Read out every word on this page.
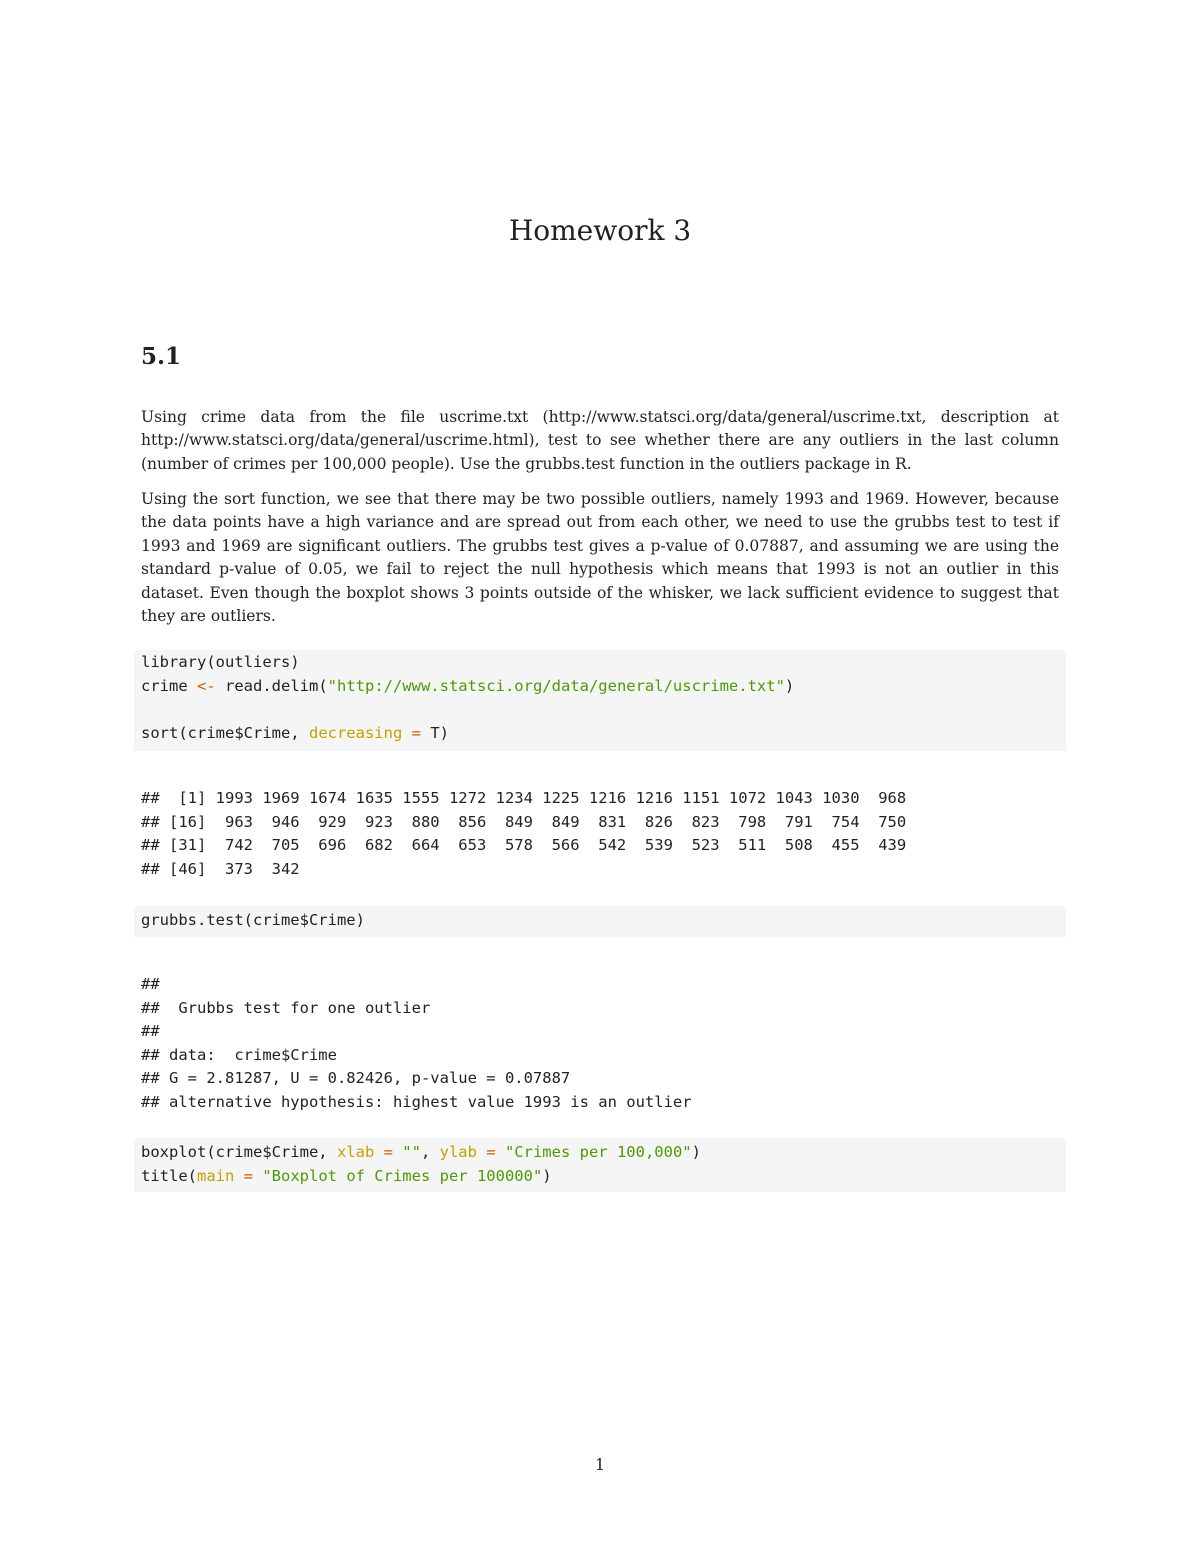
Homework 3
5.1

Using crime data from the file uscrime.txt (http://www.statsci.org/data/general/uscrime.txt, description at http://www.statsci.org/data/general/uscrime.html), test to see whether there are any outliers in the last column (number of crimes per 100,000 people). Use the grubbs.test function in the outliers package in R.

Using the sort function, we see that there may be two possible outliers, namely 1993 and 1969. However, because the data points have a high variance and are spread out from each other, we need to use the grubbs test to test if 1993 and 1969 are significant outliers. The grubbs test gives a p-value of 0.07887, and assuming we are using the standard p-value of 0.05, we fail to reject the null hypothesis which means that 1993 is not an outlier in this dataset. Even though the boxplot shows 3 points outside of the whisker, we lack sufficient evidence to suggest that they are outliers.

library(outliers)
crime <- read.delim("http://www.statsci.org/data/general/uscrime.txt")
sort(crime$Crime, decreasing = T)
##  [1] 1993 1969 1674 1635 1555 1272 1234 1225 1216 1216 1151 1072 1043 1030  968
## [16]  963  946  929  923  880  856  849  849  831  826  823  798  791  754  750
## [31]  742  705  696  682  664  653  578  566  542  539  523  511  508  455  439
## [46]  373  342
grubbs.test(crime$Crime)
##
##  Grubbs test for one outlier
##
## data:  crime$Crime
## G = 2.81287, U = 0.82426, p-value = 0.07887
## alternative hypothesis: highest value 1993 is an outlier
boxplot(crime$Crime, xlab = "", ylab = "Crimes per 100,000")
title(main = "Boxplot of Crimes per 100000")
1
